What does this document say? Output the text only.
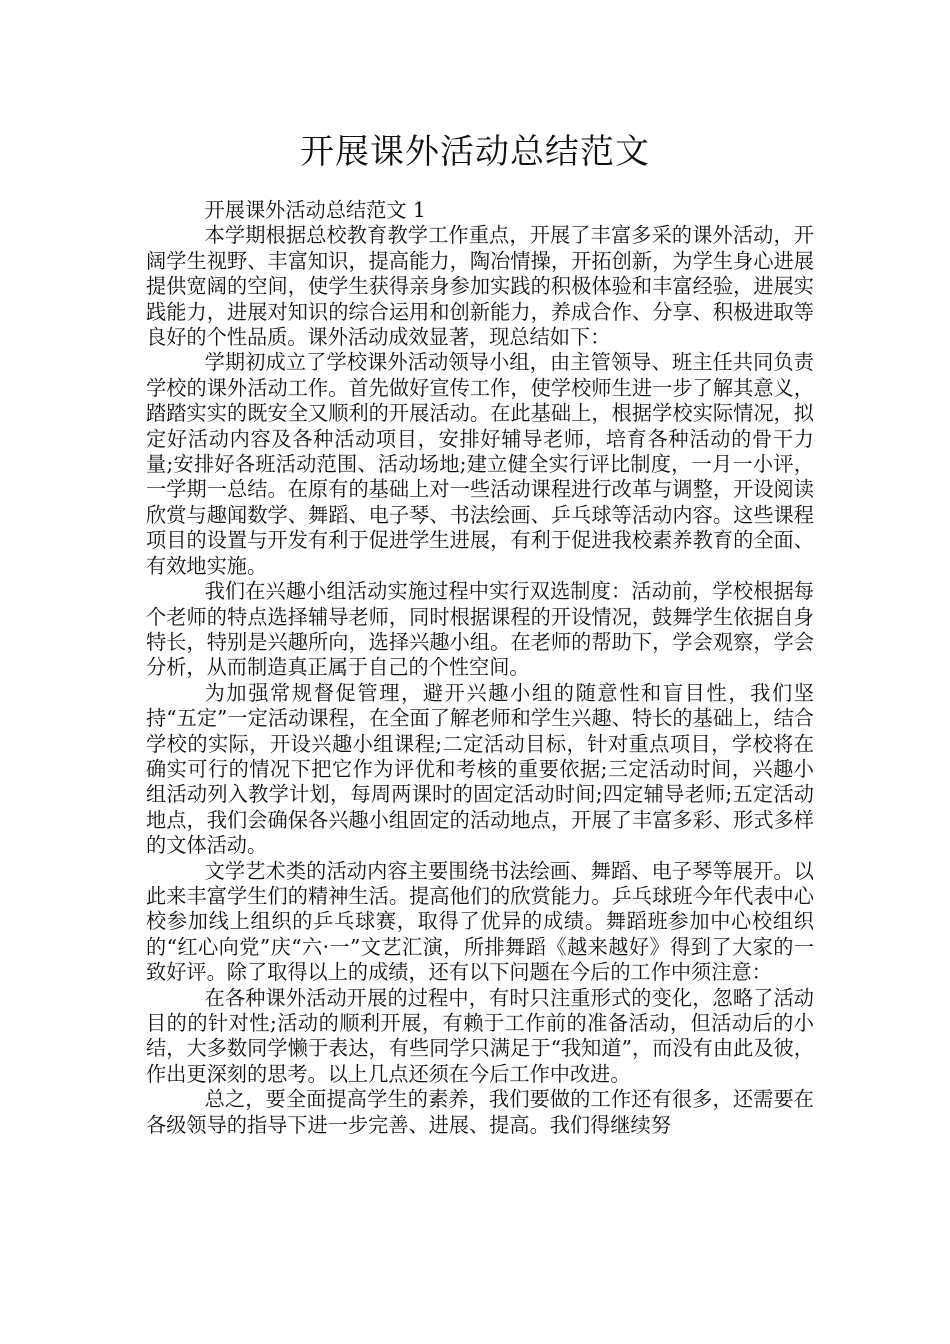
开展课外活动总结范文

开展课外活动总结范文 1

本学期根据总校教育教学工作重点，开展了丰富多采的课外活动，开阔学生视野、丰富知识，提高能力，陶冶情操，开拓创新，为学生身心进展提供宽阔的空间，使学生获得亲身参加实践的积极体验和丰富经验，进展实践能力，进展对知识的综合运用和创新能力，养成合作、分享、积极进取等良好的个性品质。课外活动成效显著，现总结如下：

学期初成立了学校课外活动领导小组，由主管领导、班主任共同负责学校的课外活动工作。首先做好宣传工作，使学校师生进一步了解其意义，踏踏实实的既安全又顺利的开展活动。在此基础上，根据学校实际情况，拟定好活动内容及各种活动项目，安排好辅导老师，培育各种活动的骨干力量;安排好各班活动范围、活动场地;建立健全实行评比制度，一月一小评，一学期一总结。在原有的基础上对一些活动课程进行改革与调整，开设阅读欣赏与趣闻数学、舞蹈、电子琴、书法绘画、乒乓球等活动内容。这些课程项目的设置与开发有利于促进学生进展，有利于促进我校素养教育的全面、有效地实施。

我们在兴趣小组活动实施过程中实行双选制度：活动前，学校根据每个老师的特点选择辅导老师，同时根据课程的开设情况，鼓舞学生依据自身特长，特别是兴趣所向，选择兴趣小组。在老师的帮助下，学会观察，学会分析，从而制造真正属于自己的个性空间。

为加强常规督促管理，避开兴趣小组的随意性和盲目性，我们坚持“五定”一定活动课程，在全面了解老师和学生兴趣、特长的基础上，结合学校的实际，开设兴趣小组课程;二定活动目标，针对重点项目，学校将在确实可行的情况下把它作为评优和考核的重要依据;三定活动时间，兴趣小组活动列入教学计划，每周两课时的固定活动时间;四定辅导老师;五定活动地点，我们会确保各兴趣小组固定的活动地点，开展了丰富多彩、形式多样的文体活动。

文学艺术类的活动内容主要围绕书法绘画、舞蹈、电子琴等展开。以此来丰富学生们的精神生活。提高他们的欣赏能力。乒乓球班今年代表中心校参加线上组织的乒乓球赛，取得了优异的成绩。舞蹈班参加中心校组织的“红心向党”庆“六·一”文艺汇演，所排舞蹈《越来越好》得到了大家的一致好评。除了取得以上的成绩，还有以下问题在今后的工作中须注意：

在各种课外活动开展的过程中，有时只注重形式的变化，忽略了活动目的的针对性;活动的顺利开展，有赖于工作前的准备活动，但活动后的小结，大多数同学懒于表达，有些同学只满足于“我知道”，而没有由此及彼，作出更深刻的思考。以上几点还须在今后工作中改进。

总之，要全面提高学生的素养，我们要做的工作还有很多，还需要在各级领导的指导下进一步完善、进展、提高。我们得继续努
